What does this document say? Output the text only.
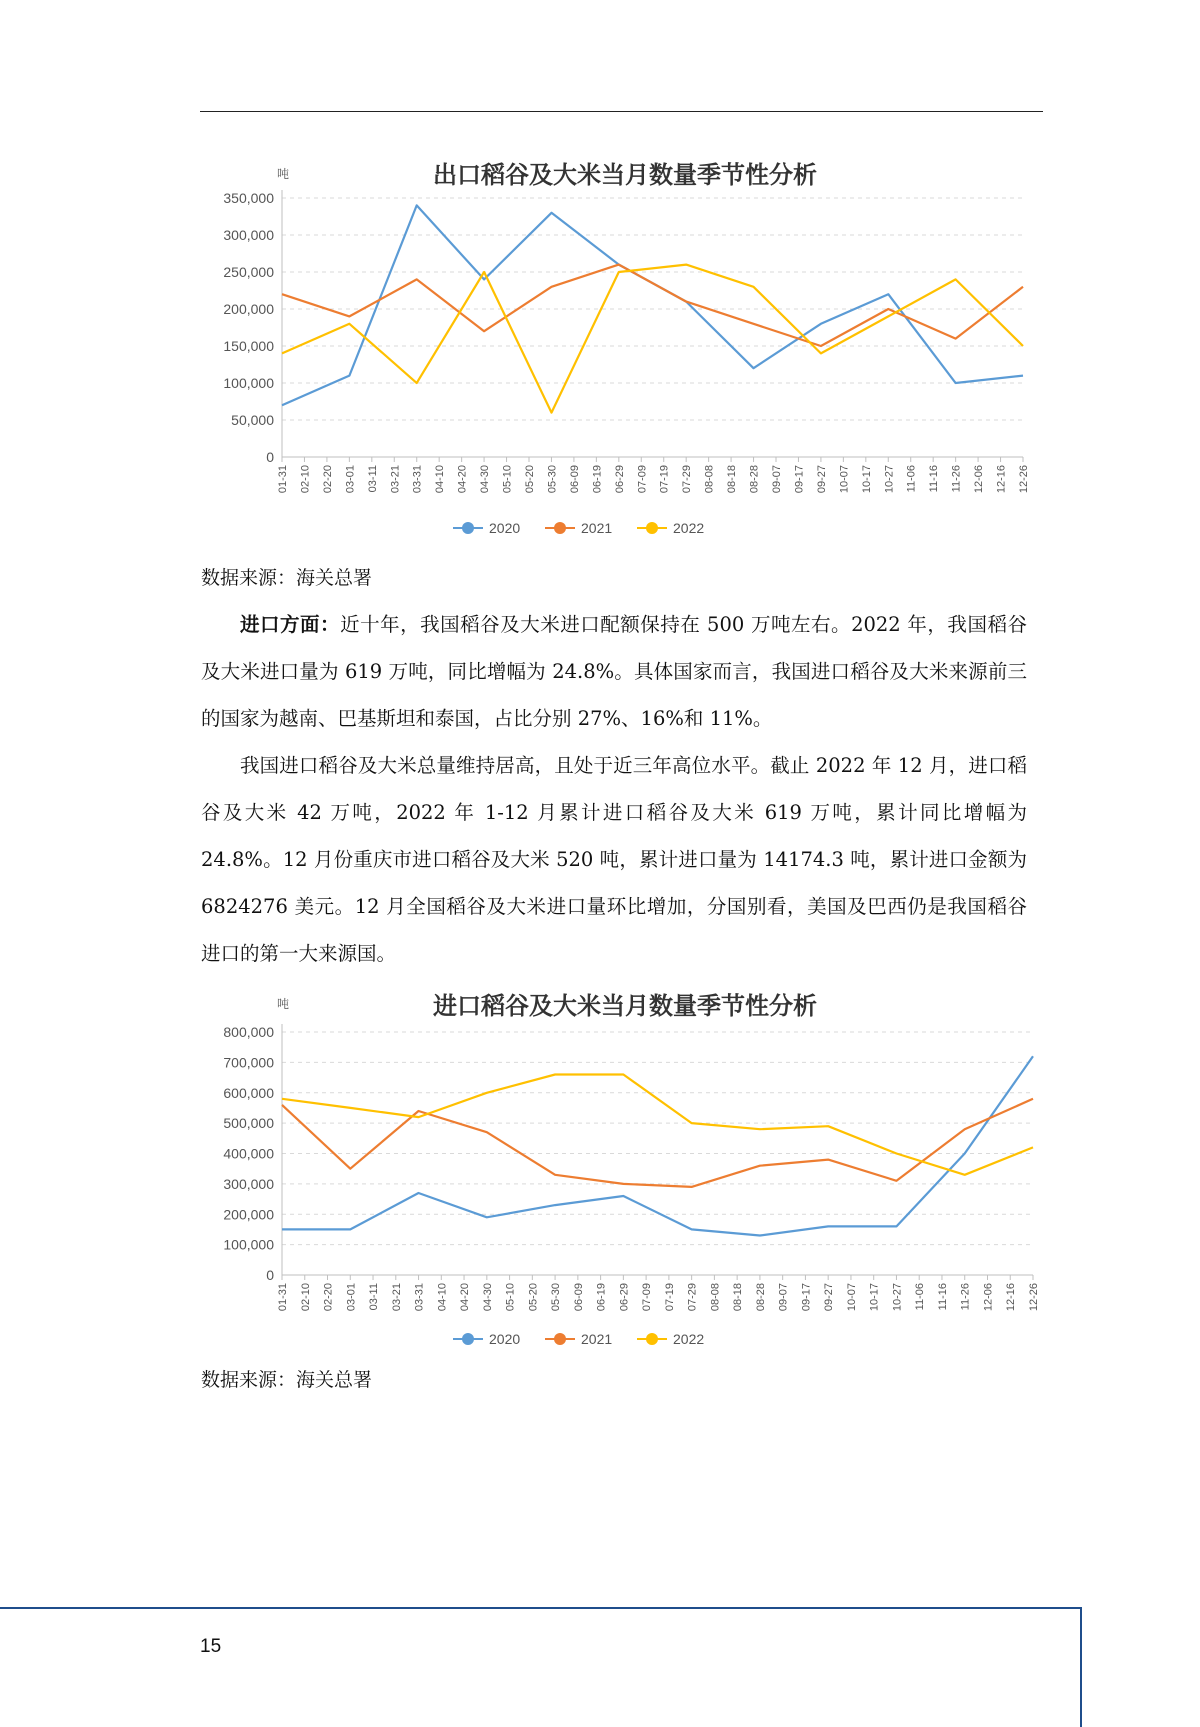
出口稻谷及大米当月数量季节性分析
吨
0
50,000
100,000
150,000
200,000
250,000
300,000
350,000
01-31 02-10 02-20 03-01 03-11 03-21 03-31 04-10 04-20 04-30 05-10 05-20 05-30 06-09 06-19 06-29 07-09 07-19 07-29 08-08 08-18 08-28 09-07 09-17 09-27 10-07 10-17 10-27 11-06 11-16 11-26 12-06 12-16 12-26
2020	2021	2022
数据来源：海关总署

进口方面：近十年，我国稻谷及大米进口配额保持在 500 万吨左右。2022 年，我国稻谷及大米进口量为 619 万吨，同比增幅为 24.8%。具体国家而言，我国进口稻谷及大米来源前三的国家为越南、巴基斯坦和泰国，占比分别 27%、16%和 11%。

我国进口稻谷及大米总量维持居高，且处于近三年高位水平。截止 2022 年 12 月，进口稻谷及大米 42 万吨，2022 年 1-12 月累计进口稻谷及大米 619 万吨，累计同比增幅为 24.8%。12 月份重庆市进口稻谷及大米 520 吨，累计进口量为 14174.3 吨，累计进口金额为 6824276 美元。12 月全国稻谷及大米进口量环比增加，分国别看，美国及巴西仍是我国稻谷进口的第一大来源国。

进口稻谷及大米当月数量季节性分析
吨
0
100,000
200,000
300,000
400,000
500,000
600,000
700,000
800,000
01-31 02-10 02-20 03-01 03-11 03-21 03-31 04-10 04-20 04-30 05-10 05-20 05-30 06-09 06-19 06-29 07-09 07-19 07-29 08-08 08-18 08-28 09-07 09-17 09-27 10-07 10-17 10-27 11-06 11-16 11-26 12-06 12-16 12-26
2020	2021	2022
数据来源：海关总署
15
